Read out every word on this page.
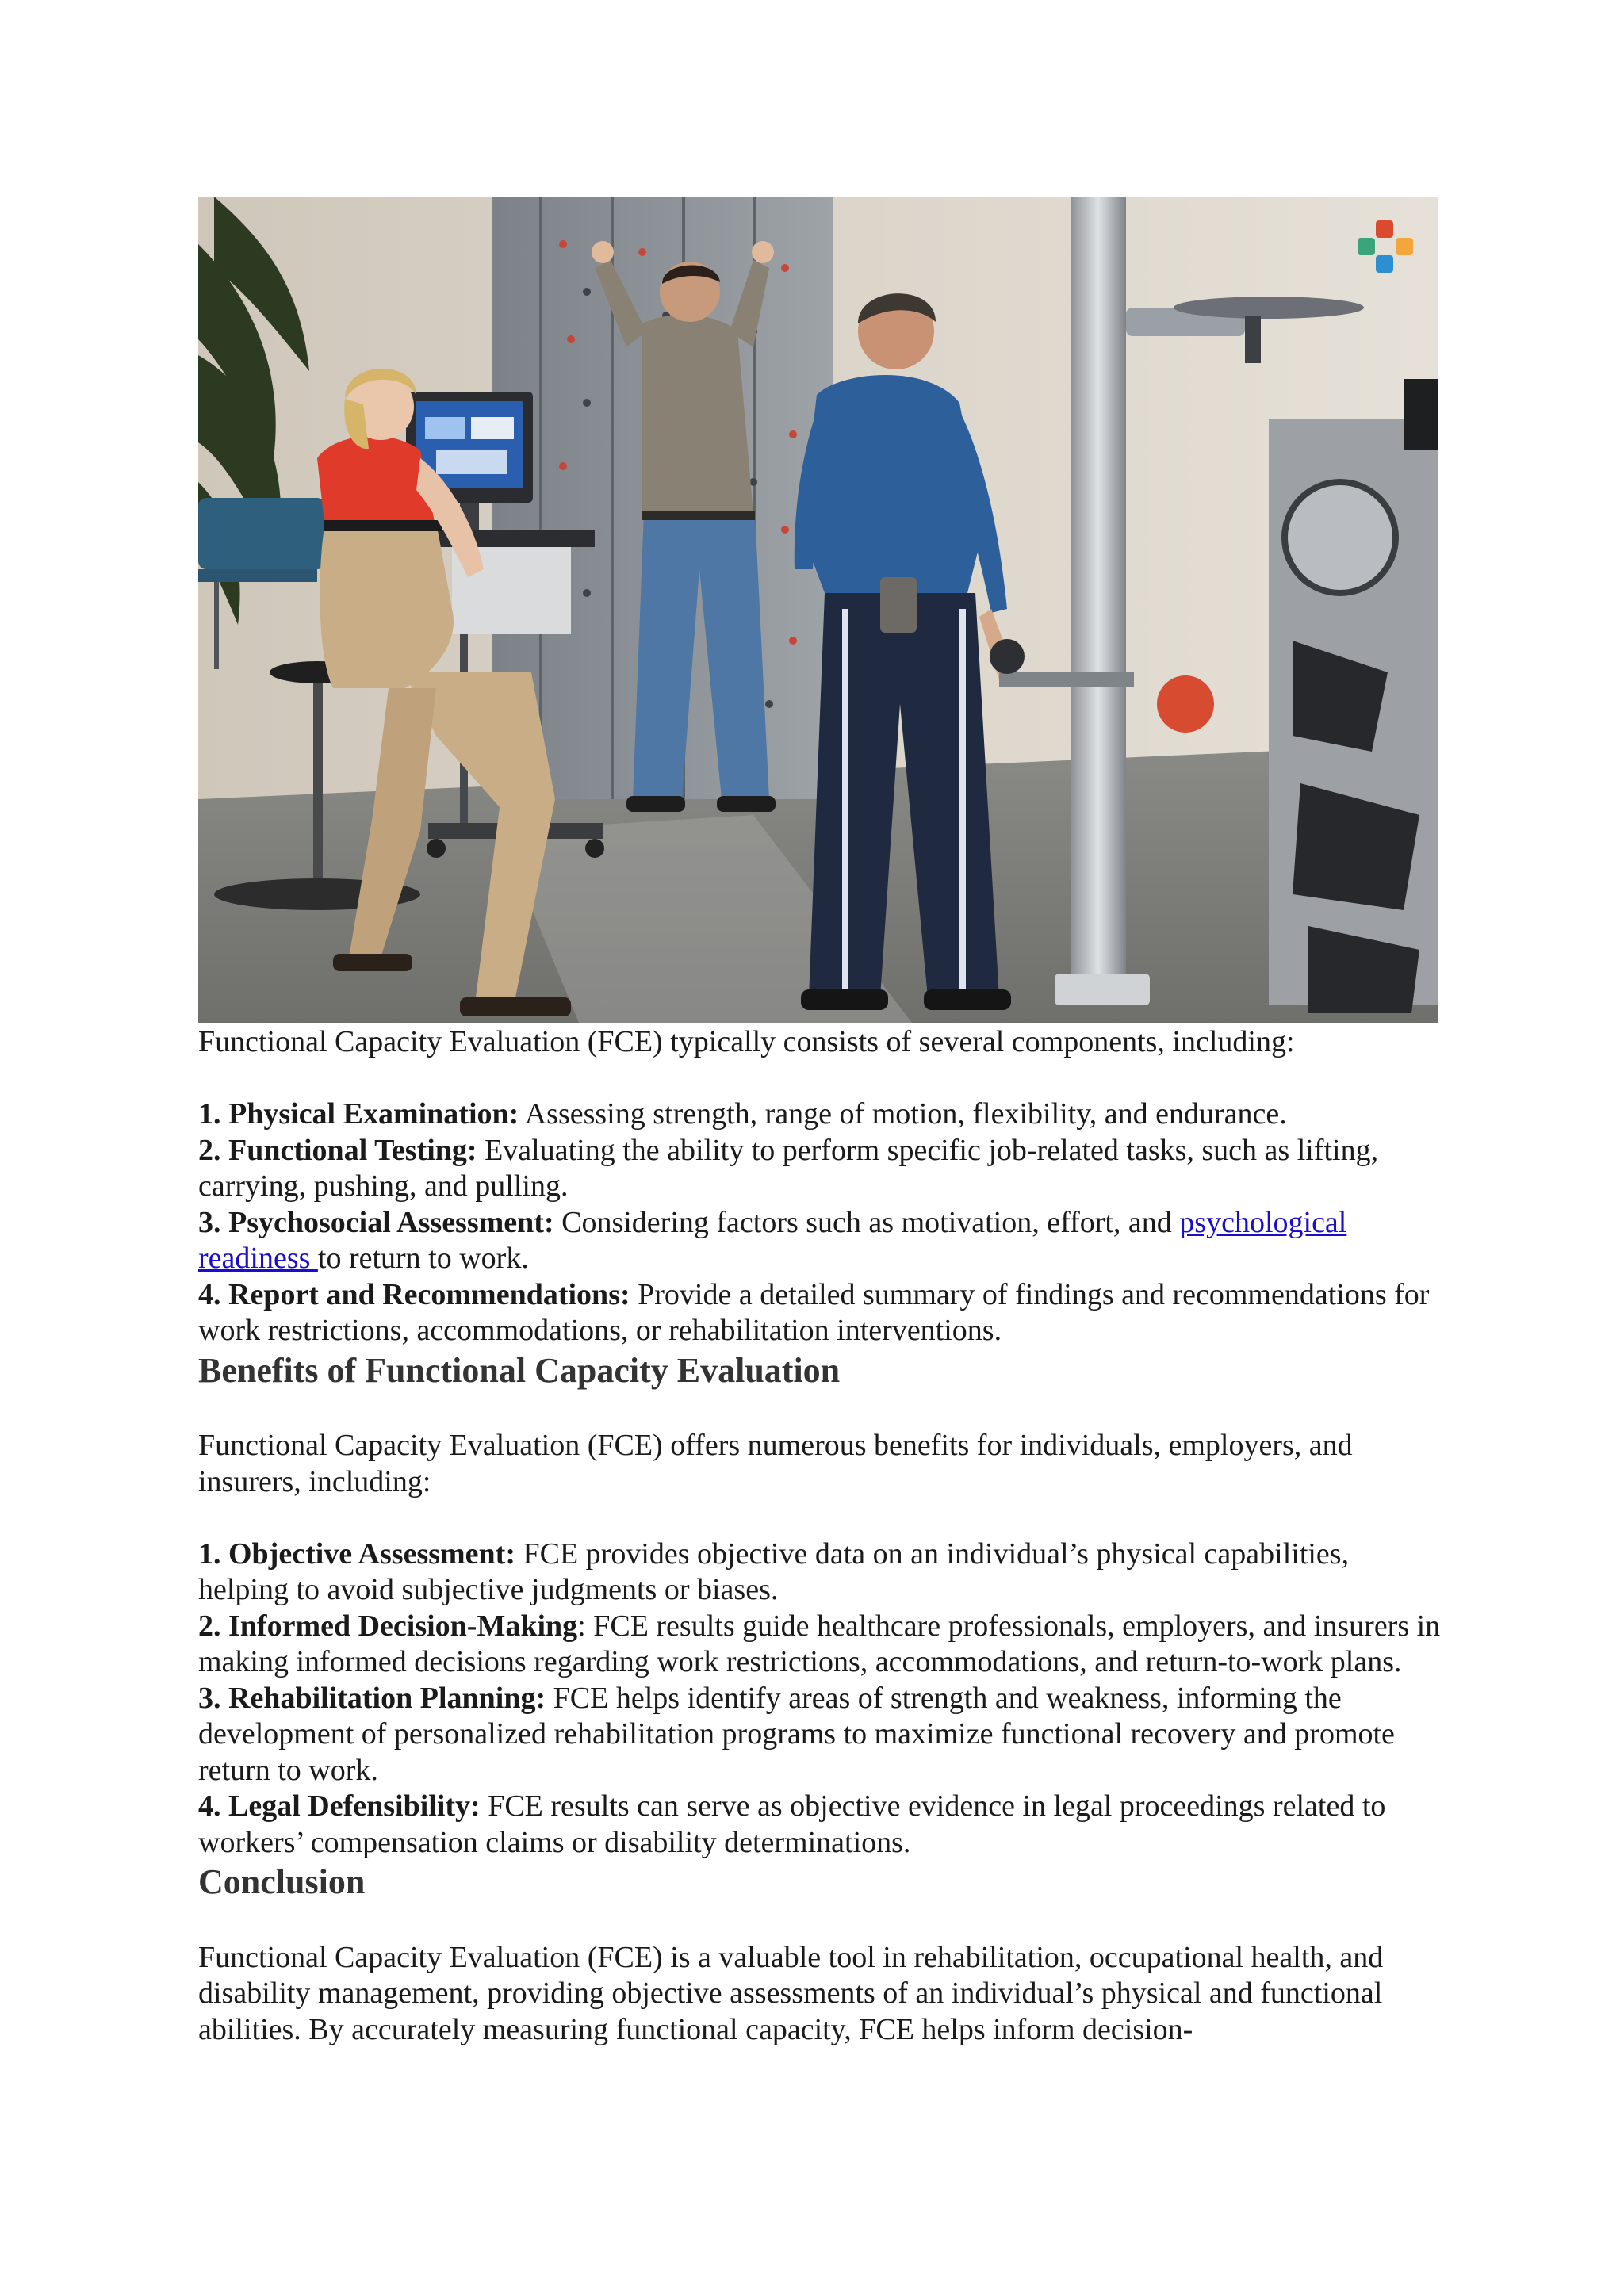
Functional Capacity Evaluation (FCE) typically consists of several components, including:

1. Physical Examination: Assessing strength, range of motion, flexibility, and endurance.

2. Functional Testing: Evaluating the ability to perform specific job-related tasks, such as lifting, carrying, pushing, and pulling.

3. Psychosocial Assessment: Considering factors such as motivation, effort, and psychological readiness to return to work.

4. Report and Recommendations: Provide a detailed summary of findings and recommendations for work restrictions, accommodations, or rehabilitation interventions.

Benefits of Functional Capacity Evaluation

Functional Capacity Evaluation (FCE) offers numerous benefits for individuals, employers, and insurers, including:

1. Objective Assessment: FCE provides objective data on an individual’s physical capabilities, helping to avoid subjective judgments or biases.

2. Informed Decision-Making: FCE results guide healthcare professionals, employers, and insurers in making informed decisions regarding work restrictions, accommodations, and return-to-work plans.

3. Rehabilitation Planning: FCE helps identify areas of strength and weakness, informing the development of personalized rehabilitation programs to maximize functional recovery and promote return to work.

4. Legal Defensibility: FCE results can serve as objective evidence in legal proceedings related to workers’ compensation claims or disability determinations.

Conclusion

Functional Capacity Evaluation (FCE) is a valuable tool in rehabilitation, occupational health, and disability management, providing objective assessments of an individual’s physical and functional abilities. By accurately measuring functional capacity, FCE helps inform decision-
